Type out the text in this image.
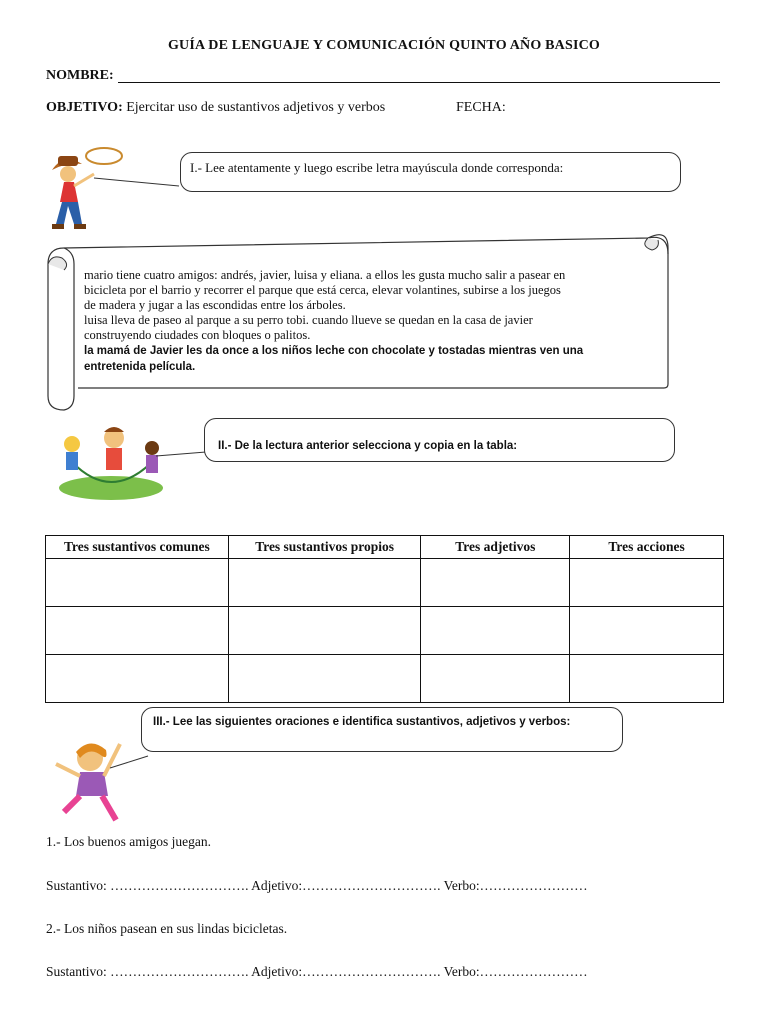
GUÍA DE LENGUAJE Y COMUNICACIÓN QUINTO AÑO BASICO
NOMBRE:
OBJETIVO: Ejercitar uso de sustantivos adjetivos y verbos	FECHA:
I.- Lee atentamente y luego escribe letra mayúscula donde corresponda:
mario tiene cuatro amigos: andrés, javier, luisa y eliana. a ellos les gusta mucho salir a pasear en
bicicleta por el barrio y recorrer el parque que está cerca, elevar volantines, subirse a los juegos
de madera y jugar a las escondidas entre los árboles.
luisa lleva de paseo al parque a su perro tobi. cuando llueve se quedan en la casa de javier
construyendo ciudades con bloques o palitos.
la mamá de Javier les da once a los niños leche con chocolate y tostadas mientras ven una
entretenida película.
II.- De la lectura anterior selecciona y copia en la tabla:
Tres sustantivos comunes	Tres sustantivos propios	Tres adjetivos	Tres acciones

III.- Lee las siguientes oraciones e identifica sustantivos, adjetivos y verbos:
1.- Los buenos amigos juegan.
Sustantivo: …………………………. Adjetivo:…………………………. Verbo:……………………
2.- Los niños pasean en sus lindas bicicletas.
Sustantivo: …………………………. Adjetivo:…………………………. Verbo:……………………
